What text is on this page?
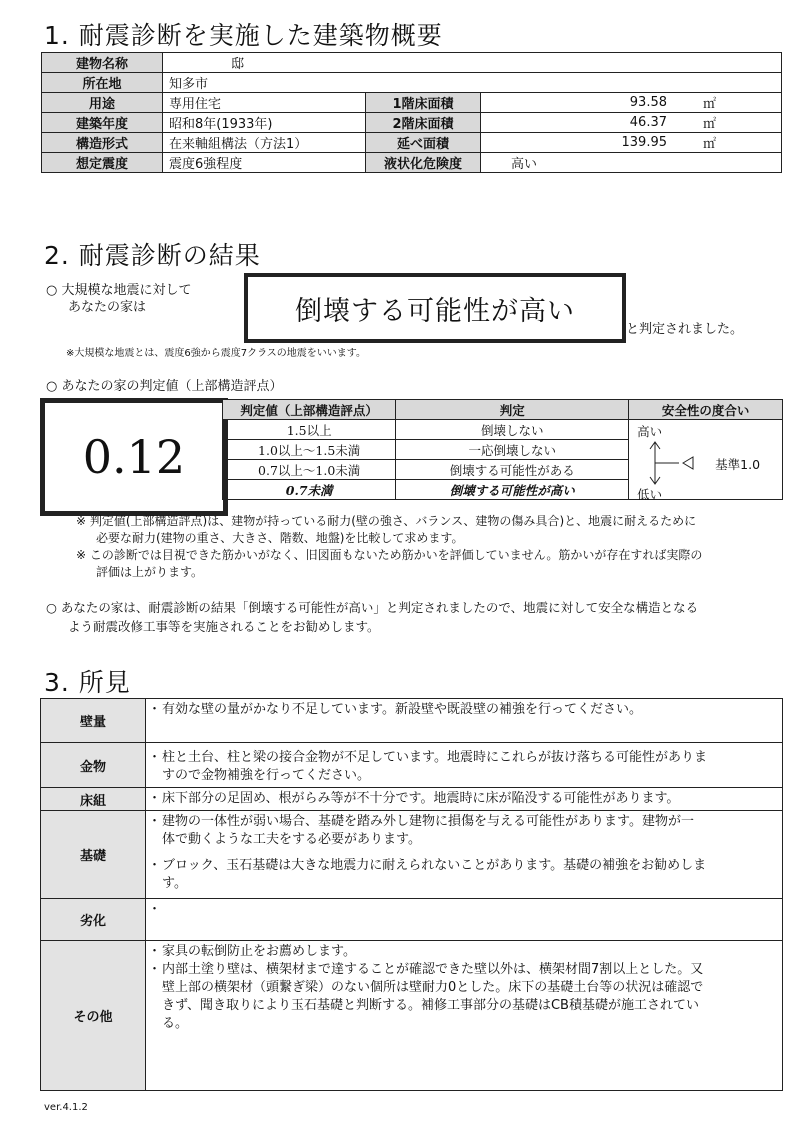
1. 耐震診断を実施した建築物概要
建物名称	邸			
所在地	知多市			
用途	専用住宅	1階床面積	93.58	㎡
建築年度	昭和8年(1933年)	2階床面積	46.37	㎡
構造形式	在来軸組構法（方法1）	延べ面積	139.95	㎡
想定震度	震度6強程度	液状化危険度	高い	
2. 耐震診断の結果
○ 大規模な地震に対して
あなたの家は	倒壊する可能性が高い
と判定されました。
※大規模な地震とは、震度6強から震度7クラスの地震をいいます。
○ あなたの家の判定値（上部構造評点）
0.12
判定値（上部構造評点）	判定	安全性の度合い
1.5以上	倒壊しない	高い
基準1.0
低い

1.0以上～1.5未満	一応倒壊しない	
0.7以上～1.0未満	倒壊する可能性がある	
0.7未満	倒壊する可能性が高い	
※ 判定値(上部構造評点)は、建物が持っている耐力(壁の強さ、バランス、建物の傷み具合)と、地震に耐えるために
必要な耐力(建物の重さ、大きさ、階数、地盤)を比較して求めます。
※ この診断では目視できた筋かいがなく、旧図面もないため筋かいを評価していません。筋かいが存在すれば実際の
評価は上がります。
○ あなたの家は、耐震診断の結果「倒壊する可能性が高い」と判定されましたので、地震に対して安全な構造となる
よう耐震改修工事等を実施されることをお勧めします。
3. 所見
壁量	・ 有効な壁の量がかなり不足しています。新設壁や既設壁の補強を行ってください。

金物	・ 柱と土台、柱と梁の接合金物が不足しています。地震時にこれらが抜け落ちる可能性がありま
すので金物補強を行ってください。

床組	・ 床下部分の足固め、根がらみ等が不十分です。地震時に床が陥没する可能性があります。

基礎	・ 建物の一体性が弱い場合、基礎を踏み外し建物に損傷を与える可能性があります。建物が一
体で動くような工夫をする必要があります。
・ ブロック、玉石基礎は大きな地震力に耐えられないことがあります。基礎の補強をお勧めしま
す。

劣化	

その他	・ 家具の転倒防止をお薦めします。
・ 内部土塗り壁は、横架材まで達することが確認できた壁以外は、横架材間7割以上とした。又
壁上部の横架材（頭繋ぎ梁）のない個所は壁耐力0とした。床下の基礎土台等の状況は確認で
きず、聞き取りにより玉石基礎と判断する。補修工事部分の基礎はCB積基礎が施工されてい
る。
ver.4.1.2
